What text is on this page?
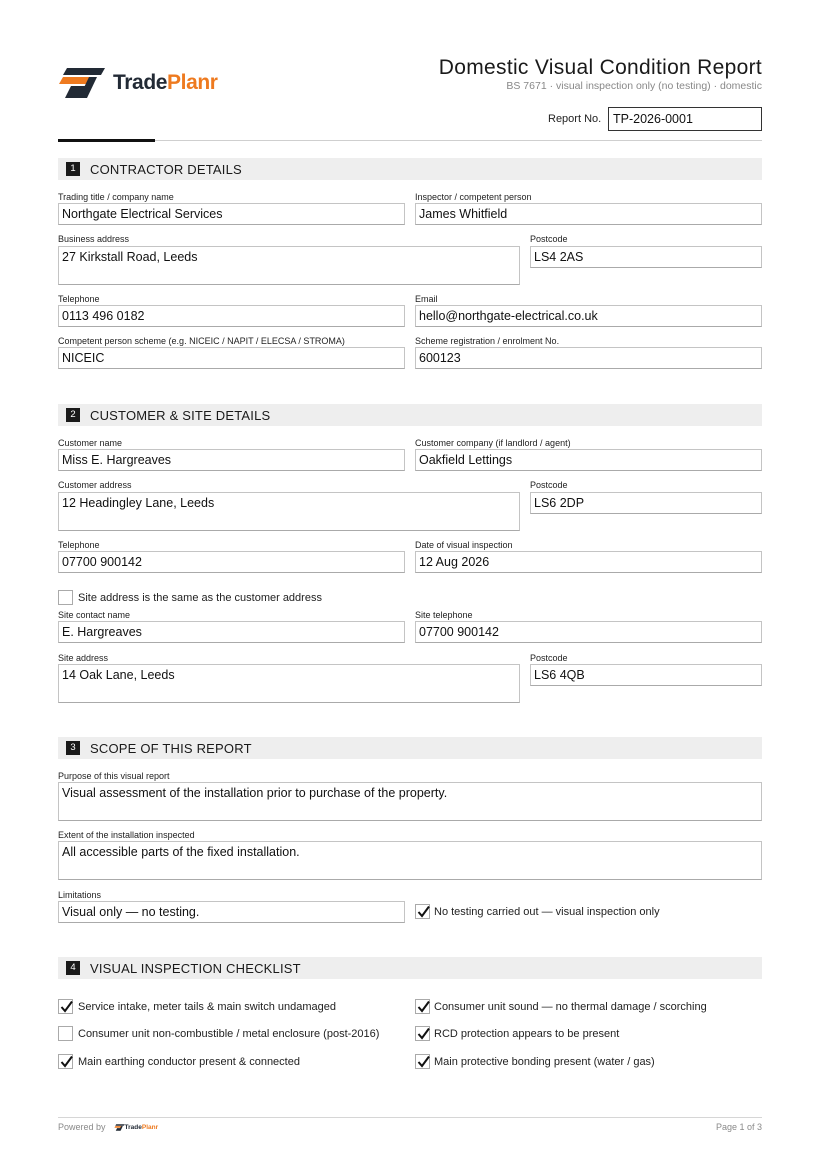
TradePlanr
Domestic Visual Condition Report
BS 7671 · visual inspection only (no testing) · domestic
Report No. TP-2026-0001
1	CONTRACTOR DETAILS
Trading title / company name
Northgate Electrical Services
Inspector / competent person
James Whitfield
Business address
27 Kirkstall Road, Leeds
Postcode
LS4 2AS
Telephone
0113 496 0182
Email
hello@northgate-electrical.co.uk
Competent person scheme (e.g. NICEIC / NAPIT / ELECSA / STROMA)
NICEIC
Scheme registration / enrolment No.
600123
2	CUSTOMER & SITE DETAILS
Customer name
Miss E. Hargreaves
Customer company (if landlord / agent)
Oakfield Lettings
Customer address
12 Headingley Lane, Leeds
Postcode
LS6 2DP
Telephone
07700 900142
Date of visual inspection
12 Aug 2026
Site address is the same as the customer address
Site contact name
E. Hargreaves
Site telephone
07700 900142
Site address
14 Oak Lane, Leeds
Postcode
LS6 4QB
3	SCOPE OF THIS REPORT
Purpose of this visual report
Visual assessment of the installation prior to purchase of the property.
Extent of the installation inspected
All accessible parts of the fixed installation.
Limitations
Visual only — no testing.	No testing carried out — visual inspection only
4	VISUAL INSPECTION CHECKLIST
Service intake, meter tails & main switch undamaged	Consumer unit sound — no thermal damage / scorching
Consumer unit non-combustible / metal enclosure (post-2016)	RCD protection appears to be present
Main earthing conductor present & connected	Main protective bonding present (water / gas)
Powered by	Trade Planr	Page 1 of 3
